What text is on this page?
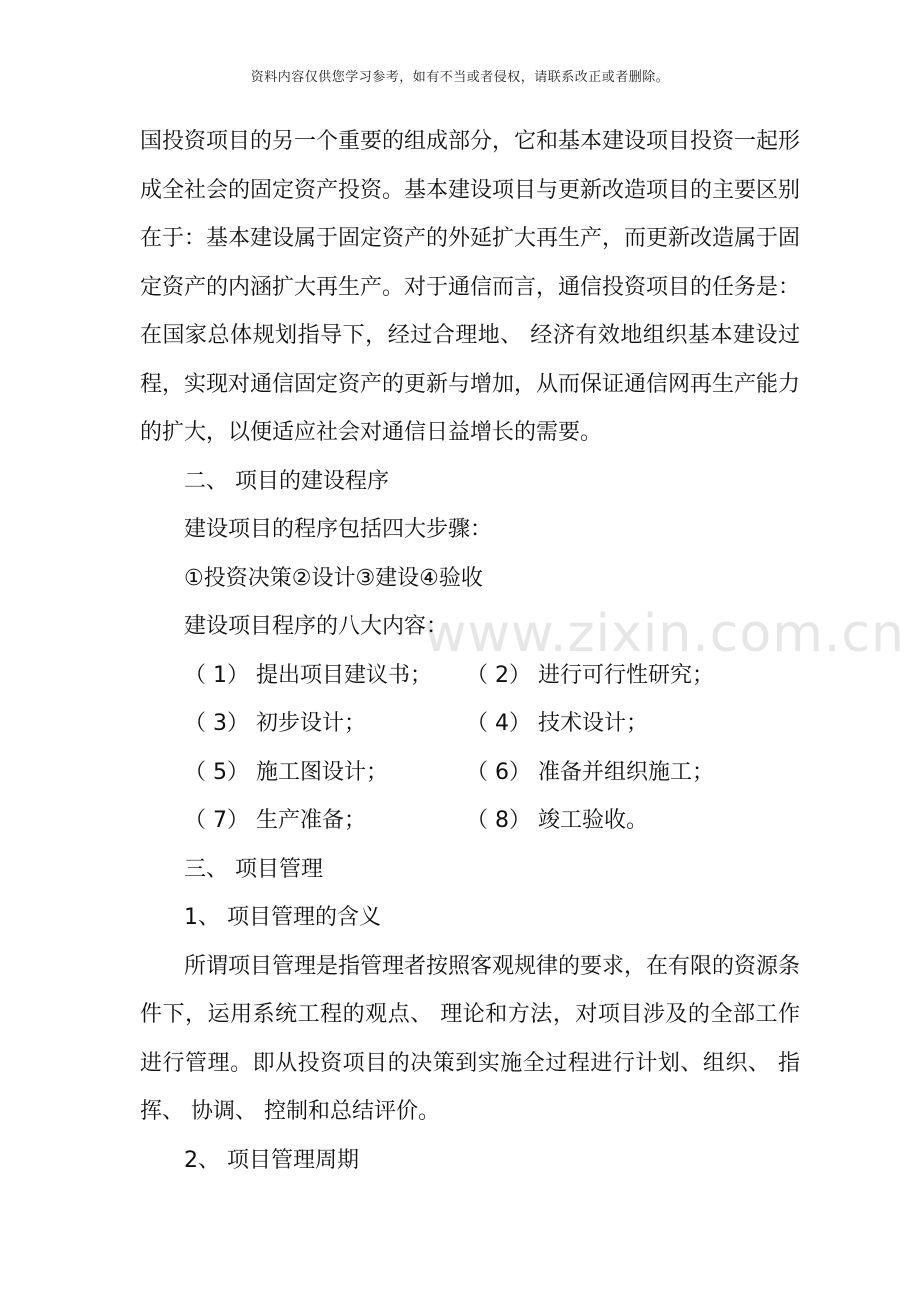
资料内容仅供您学习参考，如有不当或者侵权，请联系改正或者删除。
www.zixin.com.cn

国投资项目的另一个重要的组成部分，它和基本建设项目投资一起形成全社会的固定资产投资。基本建设项目与更新改造项目的主要区别在于：基本建设属于固定资产的外延扩大再生产，而更新改造属于固定资产的内涵扩大再生产。对于通信而言，通信投资项目的任务是：在国家总体规划指导下，经过合理地、 经济有效地组织基本建设过程，实现对通信固定资产的更新与增加，从而保证通信网再生产能力的扩大，以便适应社会对通信日益增长的需要。

二、 项目的建设程序

建设项目的程序包括四大步骤：

①投资决策②设计③建设④验收

建设项目程序的八大内容：

（ 1） 提出项目建议书；	（ 2） 进行可行性研究；
（ 3） 初步设计；	（ 4） 技术设计；
（ 5） 施工图设计；	（ 6） 准备并组织施工；
（ 7） 生产准备；	（ 8） 竣工验收。

三、 项目管理

1、 项目管理的含义

所谓项目管理是指管理者按照客观规律的要求，在有限的资源条件下，运用系统工程的观点、 理论和方法，对项目涉及的全部工作进行管理。即从投资项目的决策到实施全过程进行计划、组织、 指挥、 协调、 控制和总结评价。

2、 项目管理周期
